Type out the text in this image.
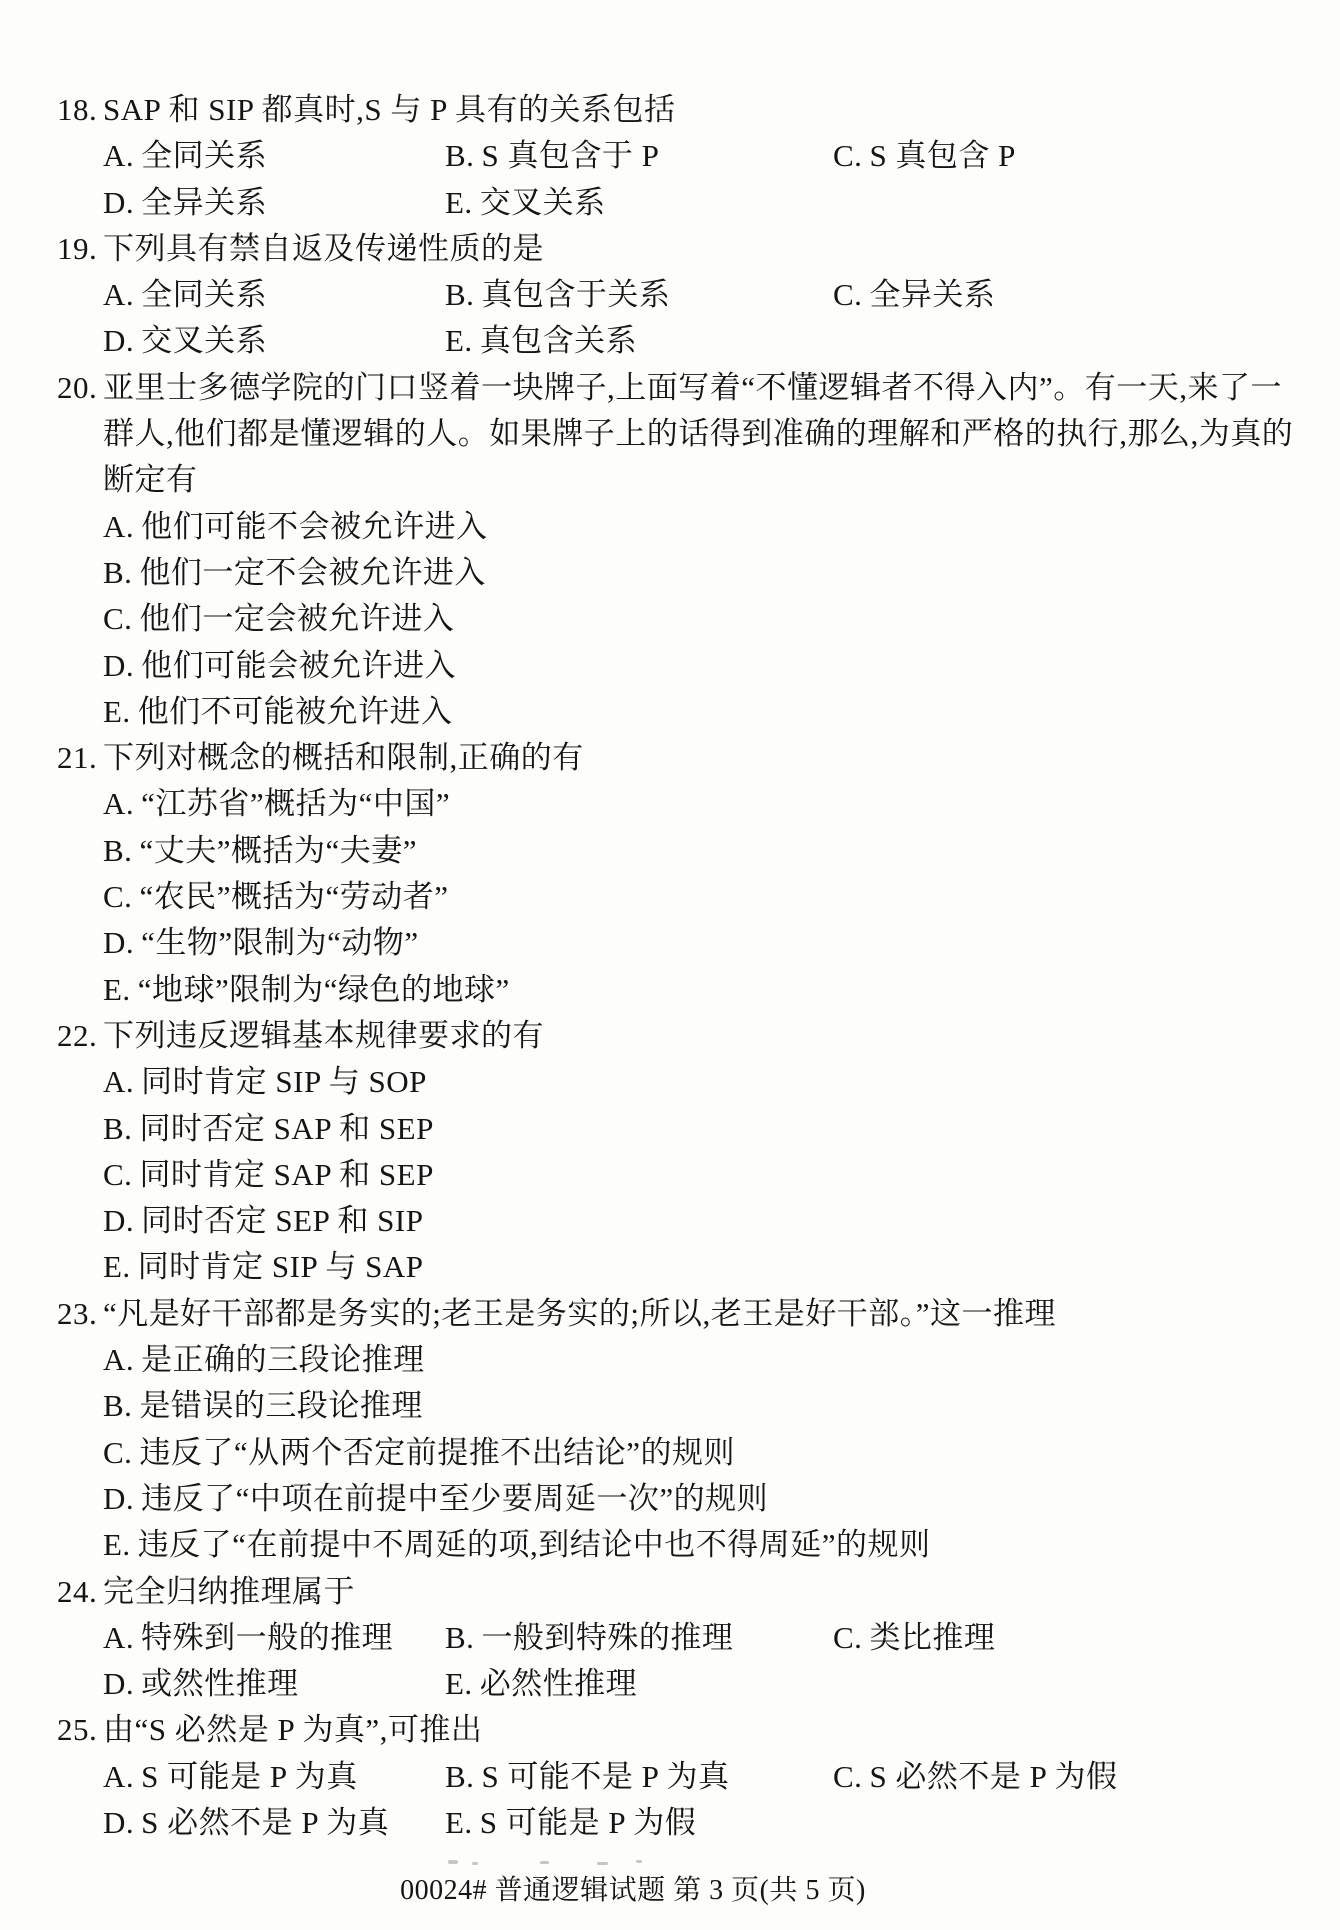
18. SAP 和 SIP 都真时,S 与 P 具有的关系包括
A. 全同关系	B. S 真包含于 P	C. S 真包含 P
D. 全异关系	E. 交叉关系
19. 下列具有禁自返及传递性质的是
A. 全同关系	B. 真包含于关系	C. 全异关系
D. 交叉关系	E. 真包含关系
20. 亚里士多德学院的门口竖着一块牌子,上面写着“不懂逻辑者不得入内”。有一天,来了一
群人,他们都是懂逻辑的人。如果牌子上的话得到准确的理解和严格的执行,那么,为真的
断定有
A. 他们可能不会被允许进入
B. 他们一定不会被允许进入
C. 他们一定会被允许进入
D. 他们可能会被允许进入
E. 他们不可能被允许进入
21. 下列对概念的概括和限制,正确的有
A. “江苏省”概括为“中国”
B. “丈夫”概括为“夫妻”
C. “农民”概括为“劳动者”
D. “生物”限制为“动物”
E. “地球”限制为“绿色的地球”
22. 下列违反逻辑基本规律要求的有
A. 同时肯定 SIP 与 SOP
B. 同时否定 SAP 和 SEP
C. 同时肯定 SAP 和 SEP
D. 同时否定 SEP 和 SIP
E. 同时肯定 SIP 与 SAP
23. “凡是好干部都是务实的;老王是务实的;所以,老王是好干部。”这一推理
A. 是正确的三段论推理
B. 是错误的三段论推理
C. 违反了“从两个否定前提推不出结论”的规则
D. 违反了“中项在前提中至少要周延一次”的规则
E. 违反了“在前提中不周延的项,到结论中也不得周延”的规则
24. 完全归纳推理属于
A. 特殊到一般的推理 B. 一般到特殊的推理	C. 类比推理
D. 或然性推理	E. 必然性推理
25. 由“S 必然是 P 为真”,可推出
A. S 可能是 P 为真	B. S 可能不是 P 为真	C. S 必然不是 P 为假
D. S 必然不是 P 为真 E. S 可能是 P 为假
00024# 普通逻辑试题 第 3 页(共 5 页)
